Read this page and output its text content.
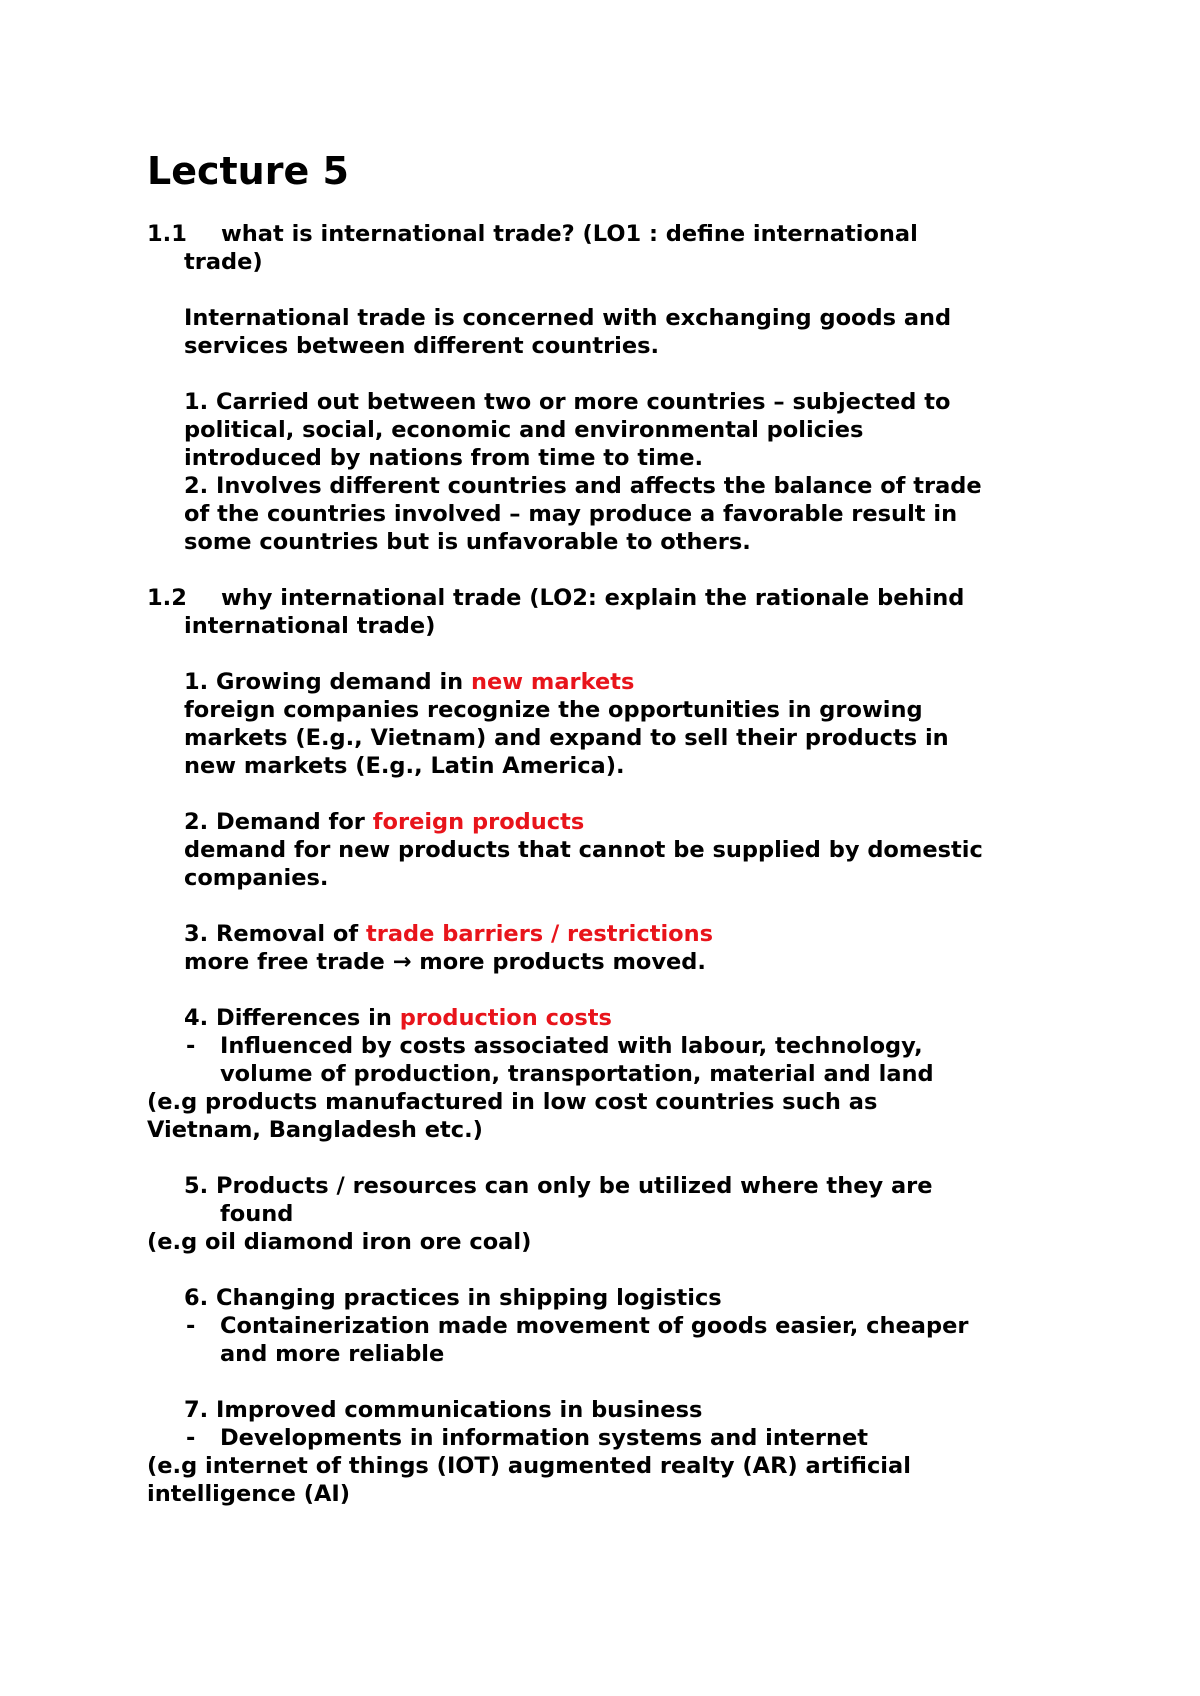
Lecture 5
1.1 what is international trade? (LO1 : define international
trade)
International trade is concerned with exchanging goods and
services between different countries.
1. Carried out between two or more countries – subjected to
political, social, economic and environmental policies
introduced by nations from time to time.
2. Involves different countries and affects the balance of trade
of the countries involved – may produce a favorable result in
some countries but is unfavorable to others.
1.2 why international trade (LO2: explain the rationale behind
international trade)
1. Growing demand in new markets
foreign companies recognize the opportunities in growing
markets (E.g., Vietnam) and expand to sell their products in
new markets (E.g., Latin America).
2. Demand for foreign products
demand for new products that cannot be supplied by domestic
companies.
3. Removal of trade barriers / restrictions
more free trade → more products moved.
4. Differences in production costs
- Influenced by costs associated with labour, technology,
volume of production, transportation, material and land
(e.g products manufactured in low cost countries such as
Vietnam, Bangladesh etc.)
5. Products / resources can only be utilized where they are
found
(e.g oil diamond iron ore coal)
6. Changing practices in shipping logistics
- Containerization made movement of goods easier, cheaper
and more reliable
7. Improved communications in business
- Developments in information systems and internet
(e.g internet of things (IOT) augmented realty (AR) artificial
intelligence (AI)
